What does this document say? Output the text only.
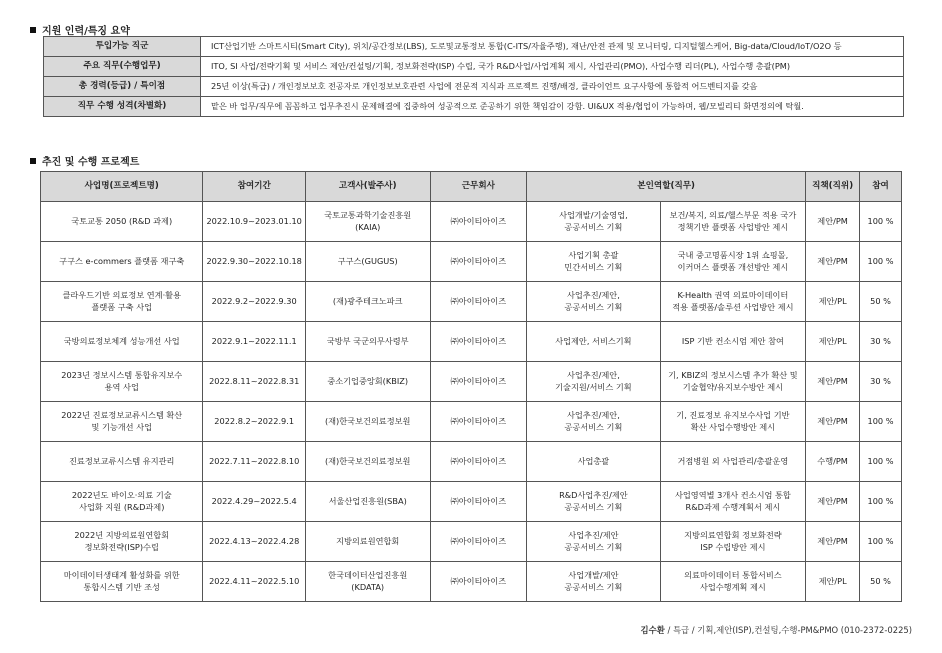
지원 인력/특징 요약
투입가능 직군	ICT산업기반 스마트시티(Smart City), 위치/공간정보(LBS), 도로및교통정보 통합(C-ITS/자율주행), 재난/안전 관제 및 모니터링, 디지털헬스케어, Big-data/Cloud/IoT/O2O 등
주요 직무(수행업무)	ITO, SI 사업/전략기획 및 서비스 제안/컨설팅/기획, 정보화전략(ISP) 수립, 국가 R&D사업/사업계획 제시, 사업관리(PMO), 사업수행 리더(PL), 사업수행 총괄(PM)
총 경력(등급) / 특이점	25년 이상(특급) / 개인정보보호 전공자로 개인정보보호관련 사업에 전문적 지식과 프로젝트 진행/배경, 클라이언트 요구사항에 통합적 어드벤티지를 갖음
직무 수행 성격(차별화)	맡은 바 업무/직무에 꼼꼼하고 업무추진시 문제해결에 집중하여 성공적으로 준공하기 위한 책임감이 강함. UI&UX 적용/협업이 가능하며, 웹/모빌리티 화면정의에 탁월.
추진 및 수행 프로젝트
사업명(프로젝트명)	참여기간	고객사(발주사)	근무회사	본인역할(직무)		직책(직위)	참여
국토교통 2050 (R&D 과제)	2022.10.9~2023.01.10	국토교통과학기술진흥원
(KAIA)	㈜아이티아이즈	사업개발/기술영업,
공공서비스 기획	보건/복지, 의료/헬스부문 적용 국가
정책기반 플랫폼 사업방안 제시	제안/PM	100 %
구구스 e-commers 플랫폼 재구축	2022.9.30~2022.10.18	구구스(GUGUS)	㈜아이티아이즈	사업기획 총괄
민간서비스 기획	국내 중고명품시장 1위 쇼핑몰,
이커머스 플랫폼 개선방안 제시	제안/PM	100 %
클라우드기반 의료정보 연계·활용
플랫폼 구축 사업	2022.9.2~2022.9.30	(재)광주테크노파크	㈜아이티아이즈	사업추진/제안,
공공서비스 기획	K-Health 권역 의료마이데이터
적용 플랫폼/솔루션 사업방안 제시	제안/PL	50 %
국방의료정보체계 성능개선 사업	2022.9.1~2022.11.1	국방부 국군의무사령부	㈜아이티아이즈	사업제안, 서비스기획	ISP 기반 컨소시엄 제안 참여	제안/PL	30 %
2023년 정보시스템 통합유지보수
용역 사업	2022.8.11~2022.8.31	중소기업중앙회(KBIZ)	㈜아이티아이즈	사업추진/제안,
기술지원/서비스 기획	기, KBIZ의 정보시스템 추가 확산 및
기술협약/유지보수방안 제시	제안/PM	30 %
2022년 진료정보교류시스템 확산
및 기능개선 사업	2022.8.2~2022.9.1	(재)한국보건의료정보원	㈜아이티아이즈	사업추진/제안,
공공서비스 기획	기, 진료정보 유지보수사업 기반
확산 사업수행방안 제시	제안/PM	100 %
진료정보교류시스템 유지관리	2022.7.11~2022.8.10	(재)한국보건의료정보원	㈜아이티아이즈	사업총괄	거점병원 외 사업관리/총괄운영	수행/PM	100 %
2022년도 바이오·의료 기술
사업화 지원 (R&D과제)	2022.4.29~2022.5.4	서울산업진흥원(SBA)	㈜아이티아이즈	R&D사업추진/제안
공공서비스 기획	사업영역별 3개사 컨소시엄 통합
R&D과제 수행계획서 제시	제안/PM	100 %
2022년 지방의료원연합회
정보화전략(ISP)수립	2022.4.13~2022.4.28	지방의료원연합회	㈜아이티아이즈	사업추진/제안
공공서비스 기획	지방의료연합회 정보화전략
ISP 수립방안 제시	제안/PM	100 %
마이데이터생태계 활성화를 위한
통합시스템 기반 조성	2022.4.11~2022.5.10	한국데이터산업진흥원
(KDATA)	㈜아이티아이즈	사업개발/제안
공공서비스 기획	의료마이데이터 통합서비스
사업수행계획 제시	제안/PL	50 %
김수환 / 특급 / 기획,제안(ISP),컨설팅,수행-PM&PMO (010-2372-0225)
